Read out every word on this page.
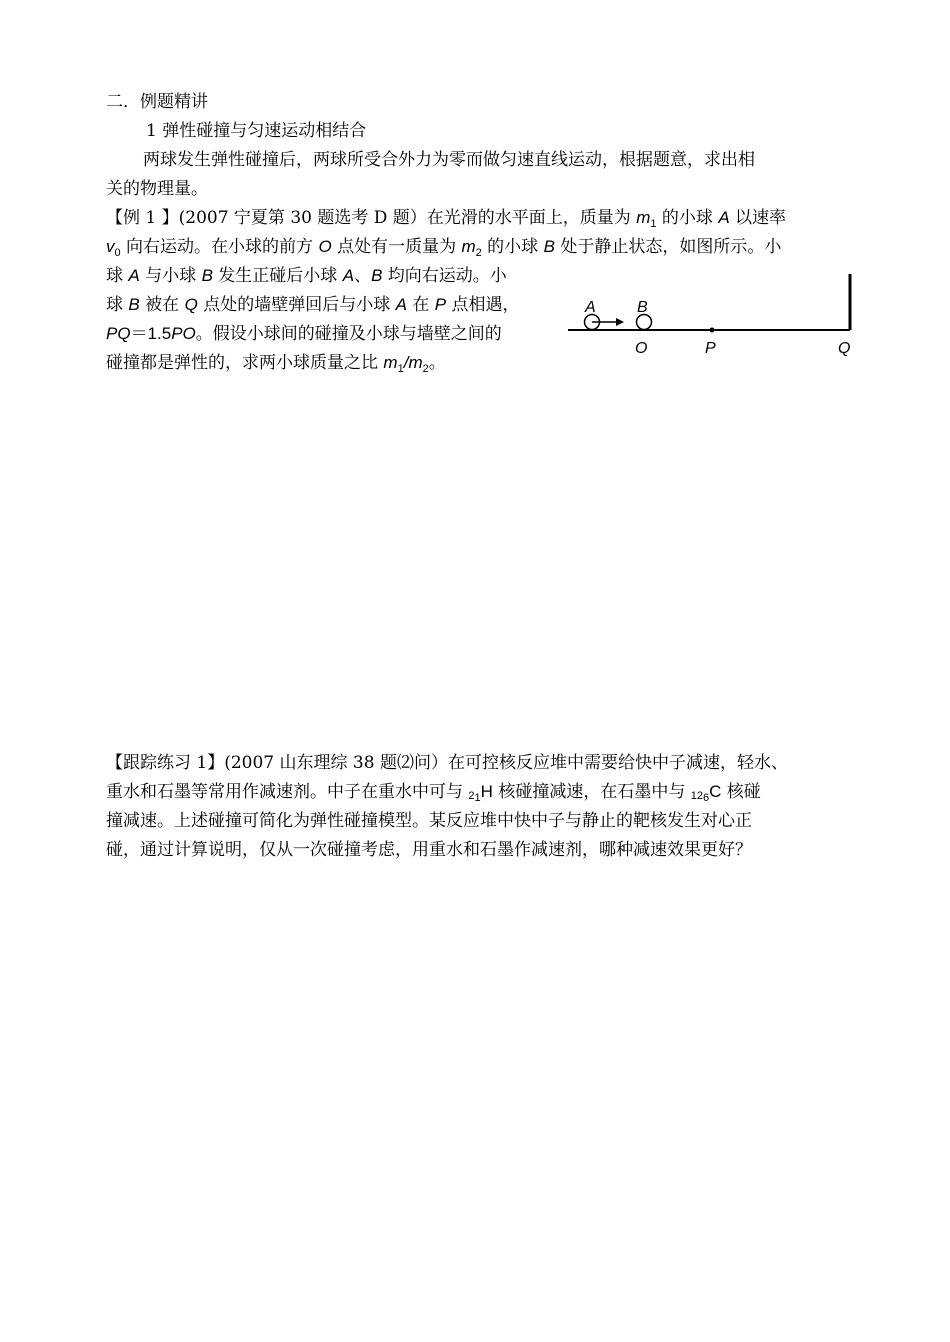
二．例题精讲
1 弹性碰撞与匀速运动相结合
两球发生弹性碰撞后，两球所受合外力为零而做匀速直线运动，根据题意，求出相
关的物理量。
【例 1 】(2007 宁夏第 30 题选考 D 题）在光滑的水平面上，质量为 $m_1$ 的小球 A 以速率
$v_0$ 向右运动。在小球的前方 O 点处有一质量为 $m_2$ 的小球 B 处于静止状态，如图所示。小
球 A 与小球 B 发生正碰后小球 A、B 均向右运动。小
球 B 被在 Q 点处的墙壁弹回后与小球 A 在 P 点相遇，
PQ＝1.5PO。假设小球间的碰撞及小球与墙壁之间的
碰撞都是弹性的，求两小球质量之比 $m_1/m_2$。
A	B
O	P	Q
【跟踪练习 1】(2007 山东理综 38 题⑵问）在可控核反应堆中需要给快中子减速，轻水、
重水和石墨等常用作减速剂。中子在重水中可与 $_{21}$H 核碰撞减速，在石墨中与 $_{126}$C 核碰
撞减速。上述碰撞可简化为弹性碰撞模型。某反应堆中快中子与静止的靶核发生对心正
碰，通过计算说明，仅从一次碰撞考虑，用重水和石墨作减速剂，哪种减速效果更好？
